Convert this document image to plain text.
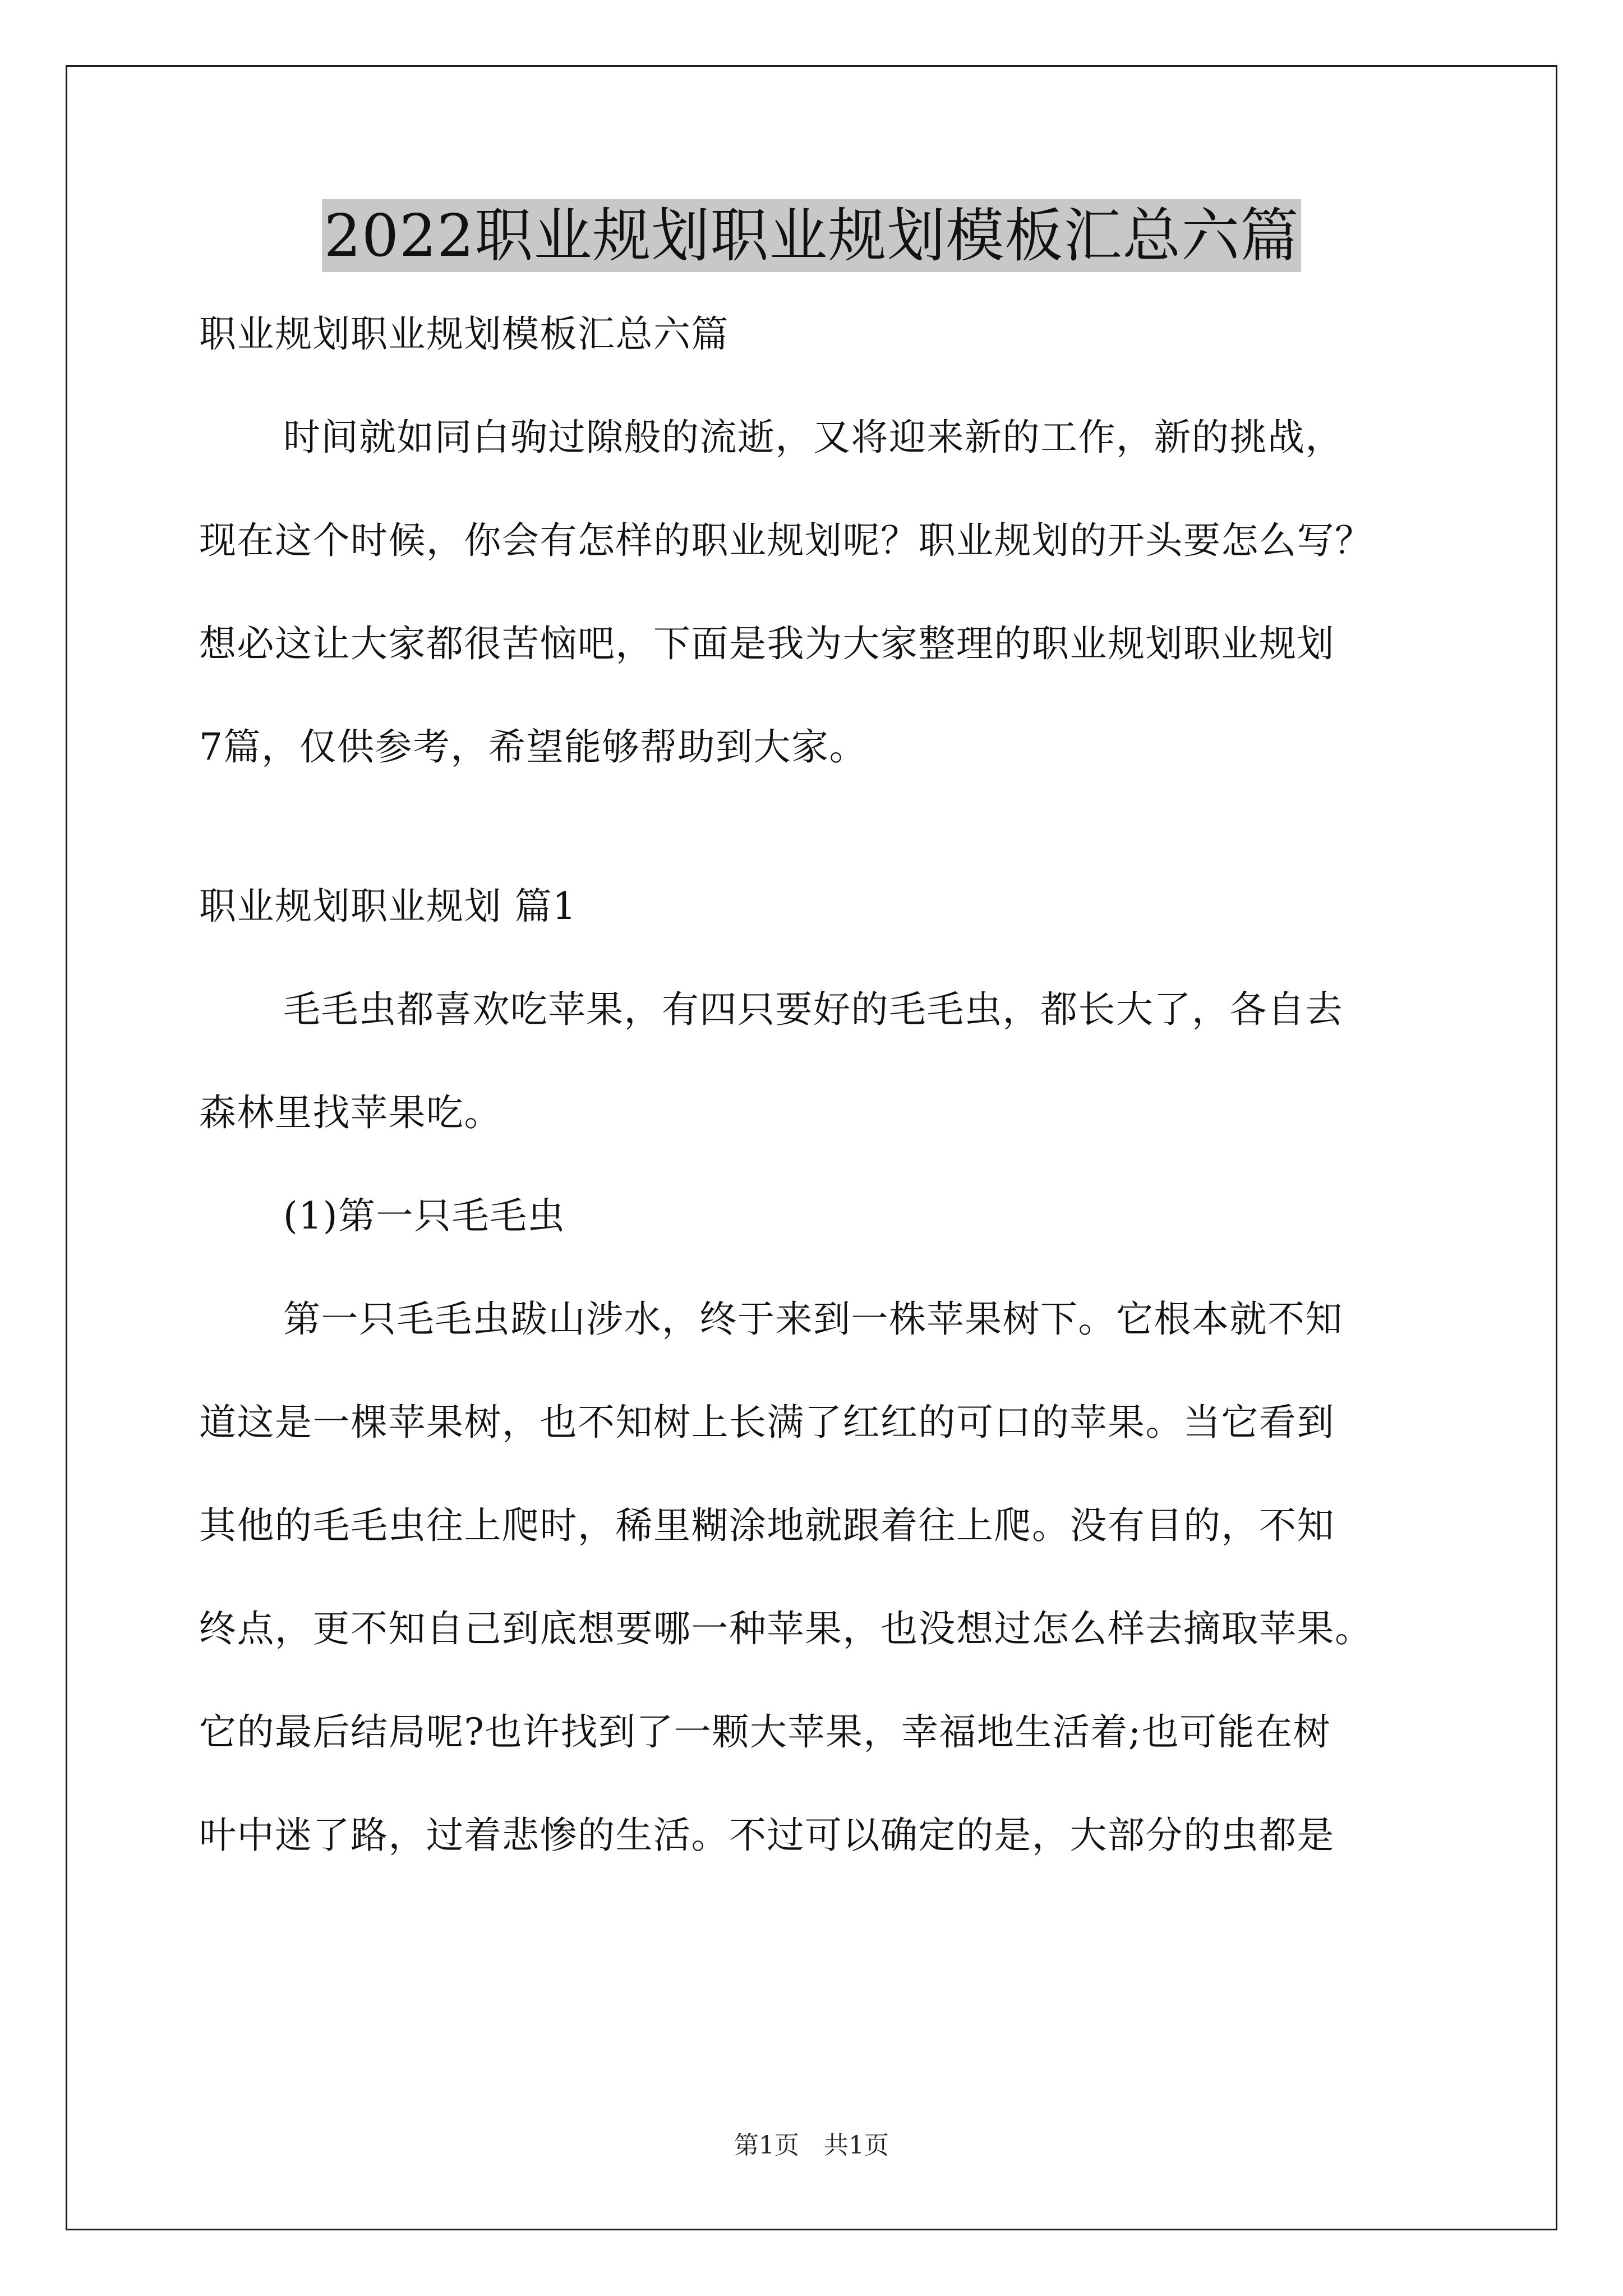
2022职业规划职业规划模板汇总六篇
职业规划职业规划模板汇总六篇
时间就如同白驹过隙般的流逝，又将迎来新的工作，新的挑战，
现在这个时候，你会有怎样的职业规划呢？职业规划的开头要怎么写？
想必这让大家都很苦恼吧，下面是我为大家整理的职业规划职业规划
7篇，仅供参考，希望能够帮助到大家。
职业规划职业规划 篇1
毛毛虫都喜欢吃苹果，有四只要好的毛毛虫，都长大了，各自去
森林里找苹果吃。
(1)第一只毛毛虫
第一只毛毛虫跋山涉水，终于来到一株苹果树下。它根本就不知
道这是一棵苹果树，也不知树上长满了红红的可口的苹果。当它看到
其他的毛毛虫往上爬时，稀里糊涂地就跟着往上爬。没有目的，不知
终点，更不知自己到底想要哪一种苹果，也没想过怎么样去摘取苹果。
它的最后结局呢?也许找到了一颗大苹果，幸福地生活着;也可能在树
叶中迷了路，过着悲惨的生活。不过可以确定的是，大部分的虫都是
第1页　共1页
